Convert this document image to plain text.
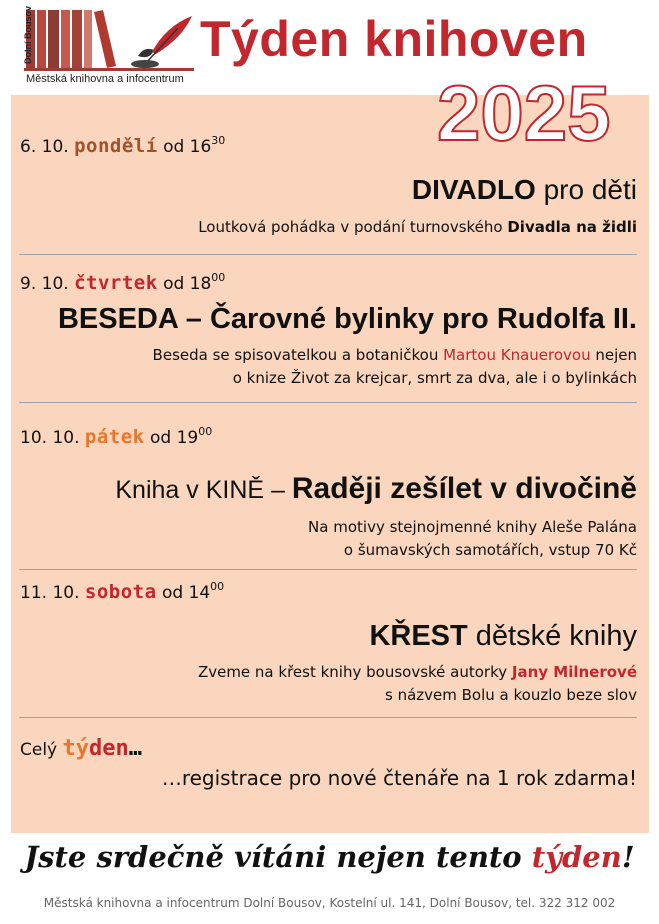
Dolní Bousov
Městská knihovna a infocentrum
Týden knihoven
2025
6. 10. pondělí od $16^{30}$
DIVADLO pro děti
Loutková pohádka v podání turnovského Divadla na židli
9. 10. čtvrtek od $18^{00}$
BESEDA – Čarovné bylinky pro Rudolfa II.
Beseda se spisovatelkou a botaničkou Martou Knauerovou nejen
o knize Život za krejcar, smrt za dva, ale i o bylinkách
10. 10. pátek od $19^{00}$
Kniha v KINĚ – Raději zešílet v divočině
Na motivy stejnojmenné knihy Aleše Palána
o šumavských samotářích, vstup 70 Kč
11. 10. sobota od $14^{00}$
KŘEST dětské knihy
Zveme na křest knihy bousovské autorky Jany Milnerové
s názvem Bolu a kouzlo beze slov
Celý týden…
…registrace pro nové čtenáře na 1 rok zdarma!
Jste srdečně vítáni nejen tento týden!
Městská knihovna a infocentrum Dolní Bousov, Kostelní ul. 141, Dolní Bousov, tel. 322 312 002
